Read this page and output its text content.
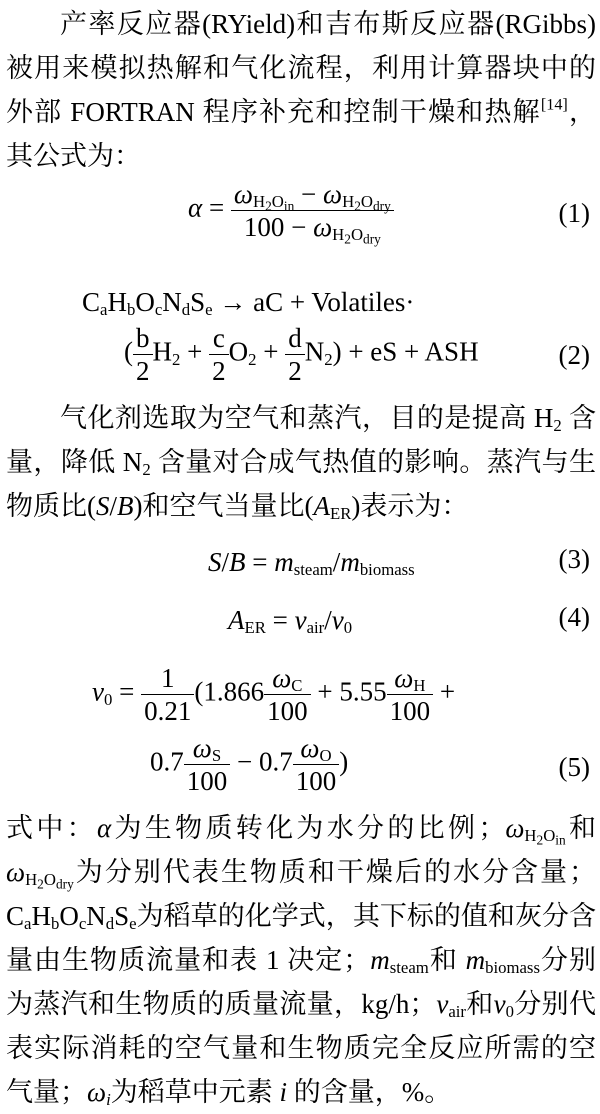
产率反应器(RYield)和吉布斯反应器(RGibbs)被用来模拟热解和气化流程，利用计算器块中的外部 FORTRAN 程序补充和控制干燥和热解[14]，其公式为：
$\alpha = \frac{\omega_{H_2O_{in}} - \omega_{H_2O_{dry}}}{100 - \omega_{H_2O_{dry}}}$	(1)
$C_aH_bO_cN_dS_e$ → aC + Volatiles·
( $\frac{b}{2} H_2 + \frac{c}{2} O_2 + \frac{d}{2} N_2$) + eS + ASH	(2)
气化剂选取为空气和蒸汽，目的是提高 $H_2$ 含量，降低 $N_2$ 含量对合成气热值的影响。蒸汽与生物质比(S/B)和空气当量比$(A_{ER})$表示为：
$S/B = m_{steam}/m_{biomass}$	(3)
$A_{ER} = \nu_{air}/\nu_0$	(4)
$\nu_0 = \frac{1}{0.21} (1.866 \frac{\omega_C}{100} + 5.55 \frac{\omega_H}{100}$ +
$0.7 \frac{\omega_S}{100} - 0.7 \frac{\omega_O}{100}$ )	(5)
式中：α为生物质转化为水分的比例；$\omega_{H_2O_{in}}$和$\omega_{H_2O_{dry}}$为分别代表生物质和干燥后的水分含量；$C_aH_bO_cN_dS_e$为稻草的化学式，其下标的值和灰分含量由生物质流量和表 1 决定；$m_{steam}$和 $m_{biomass}$分别为蒸汽和生物质的质量流量，kg/h；$\nu_{air}$和$\nu_0$分别代表实际消耗的空气量和生物质完全反应所需的空气量；$\omega_i$为稻草中元素 i 的含量，%。
